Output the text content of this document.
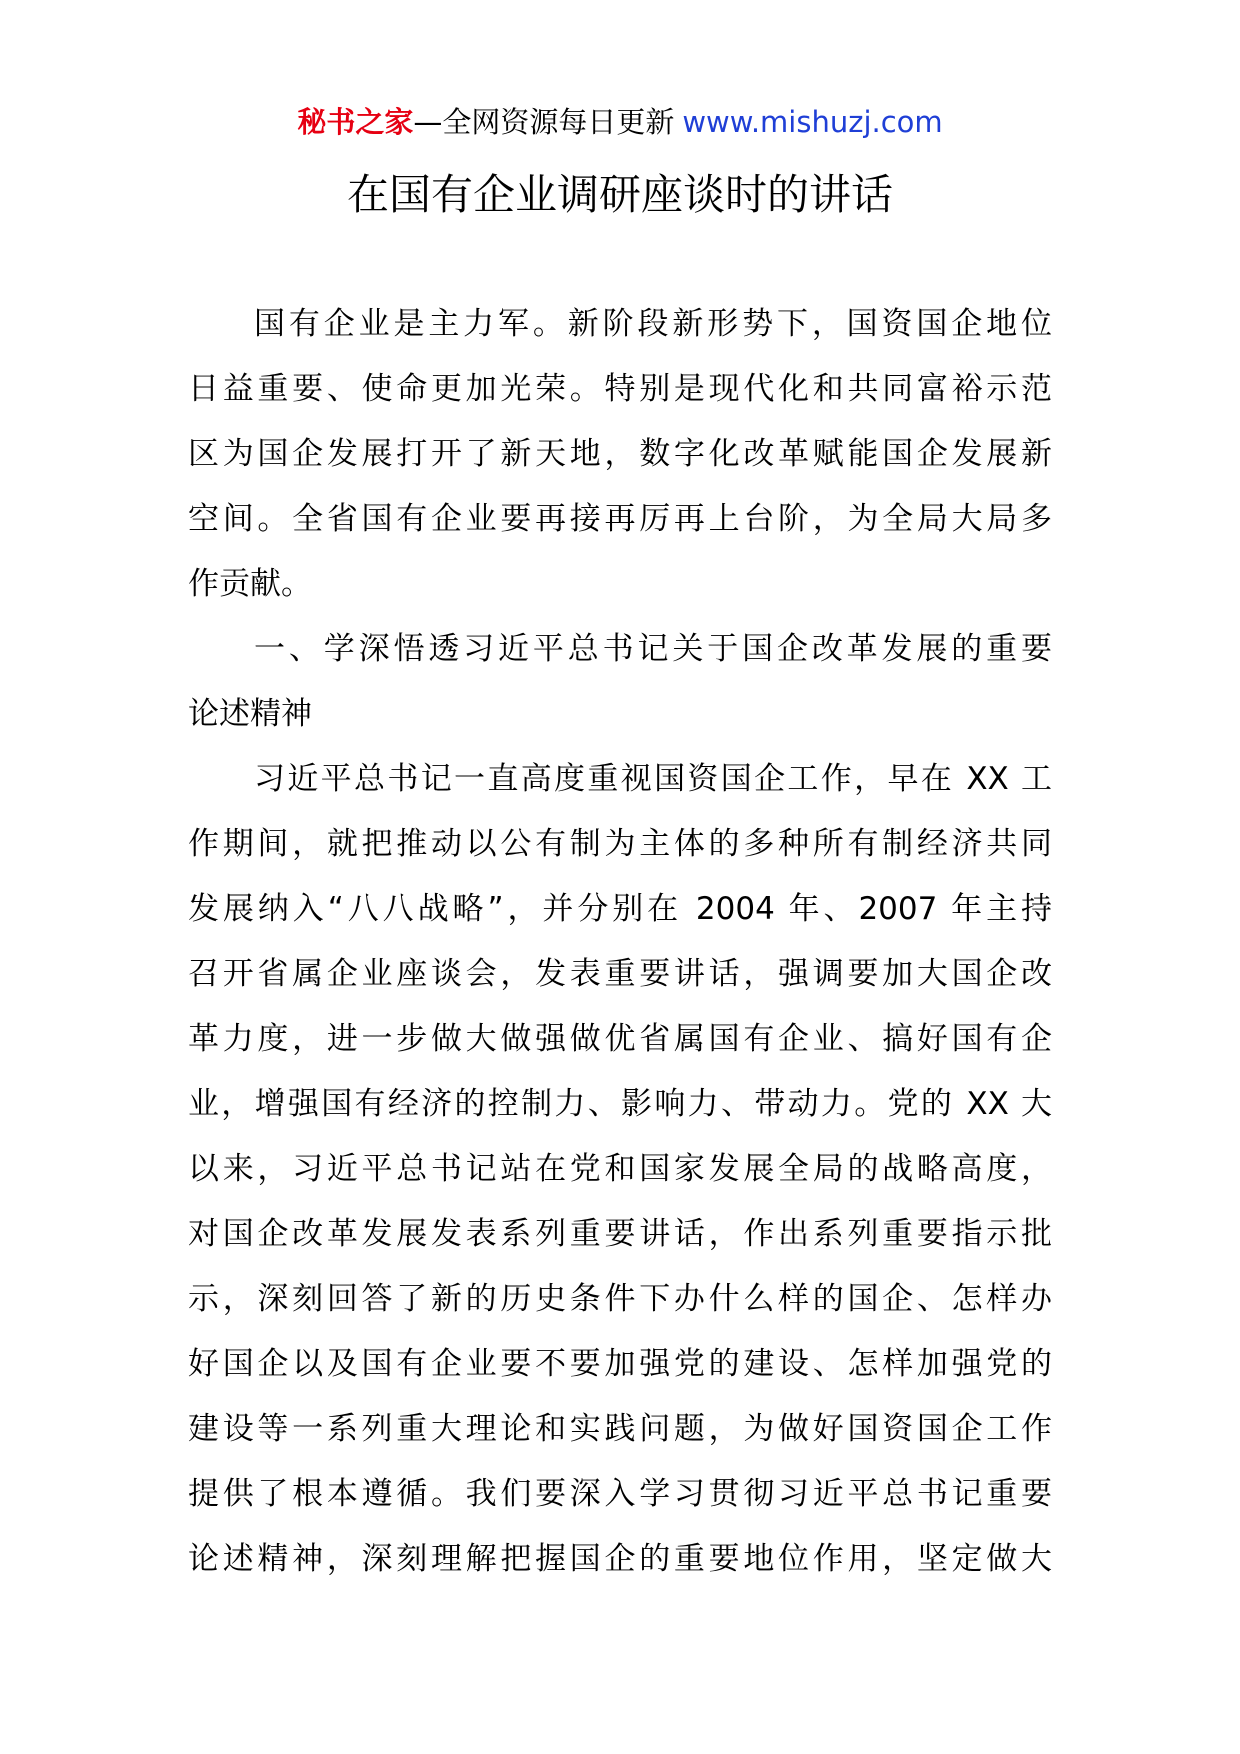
秘书之家—全网资源每日更新 www.mishuzj.com
在国有企业调研座谈时的讲话

国有企业是主力军。新阶段新形势下，国资国企地位

日益重要、使命更加光荣。特别是现代化和共同富裕示范

区为国企发展打开了新天地，数字化改革赋能国企发展新

空间。全省国有企业要再接再厉再上台阶，为全局大局多

作贡献。

一、学深悟透习近平总书记关于国企改革发展的重要

论述精神

习近平总书记一直高度重视国资国企工作，早在 XX 工

作期间，就把推动以公有制为主体的多种所有制经济共同

发展纳入“八八战略”，并分别在 2004 年、2007 年主持

召开省属企业座谈会，发表重要讲话，强调要加大国企改

革力度，进一步做大做强做优省属国有企业、搞好国有企

业，增强国有经济的控制力、影响力、带动力。党的 XX 大

以来，习近平总书记站在党和国家发展全局的战略高度，

对国企改革发展发表系列重要讲话，作出系列重要指示批

示，深刻回答了新的历史条件下办什么样的国企、怎样办

好国企以及国有企业要不要加强党的建设、怎样加强党的

建设等一系列重大理论和实践问题，为做好国资国企工作

提供了根本遵循。我们要深入学习贯彻习近平总书记重要

论述精神，深刻理解把握国企的重要地位作用，坚定做大
